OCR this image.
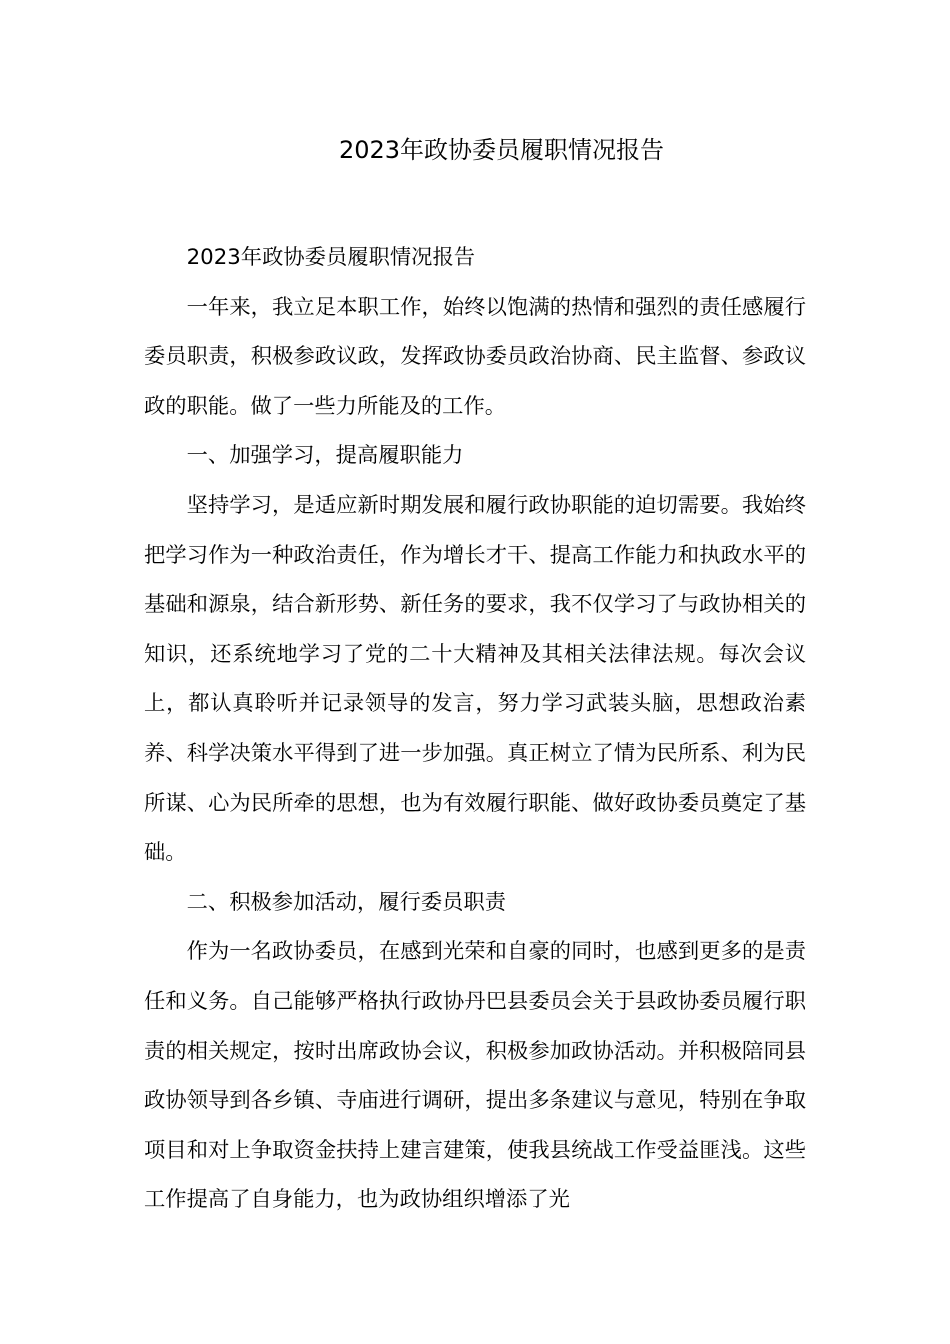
2023年政协委员履职情况报告

2023年政协委员履职情况报告

一年来，我立足本职工作，始终以饱满的热情和强烈的责任感履行委员职责，积极参政议政，发挥政协委员政治协商、民主监督、参政议政的职能。做了一些力所能及的工作。

一、加强学习，提高履职能力

坚持学习，是适应新时期发展和履行政协职能的迫切需要。我始终把学习作为一种政治责任，作为增长才干、提高工作能力和执政水平的基础和源泉，结合新形势、新任务的要求，我不仅学习了与政协相关的知识，还系统地学习了党的二十大精神及其相关法律法规。每次会议上，都认真聆听并记录领导的发言，努力学习武装头脑，思想政治素养、科学决策水平得到了进一步加强。真正树立了情为民所系、利为民所谋、心为民所牵的思想，也为有效履行职能、做好政协委员奠定了基础。

二、积极参加活动，履行委员职责

作为一名政协委员，在感到光荣和自豪的同时，也感到更多的是责任和义务。自己能够严格执行政协丹巴县委员会关于县政协委员履行职责的相关规定，按时出席政协会议，积极参加政协活动。并积极陪同县政协领导到各乡镇、寺庙进行调研，提出多条建议与意见，特别在争取项目和对上争取资金扶持上建言建策，使我县统战工作受益匪浅。这些工作提高了自身能力，也为政协组织增添了光
